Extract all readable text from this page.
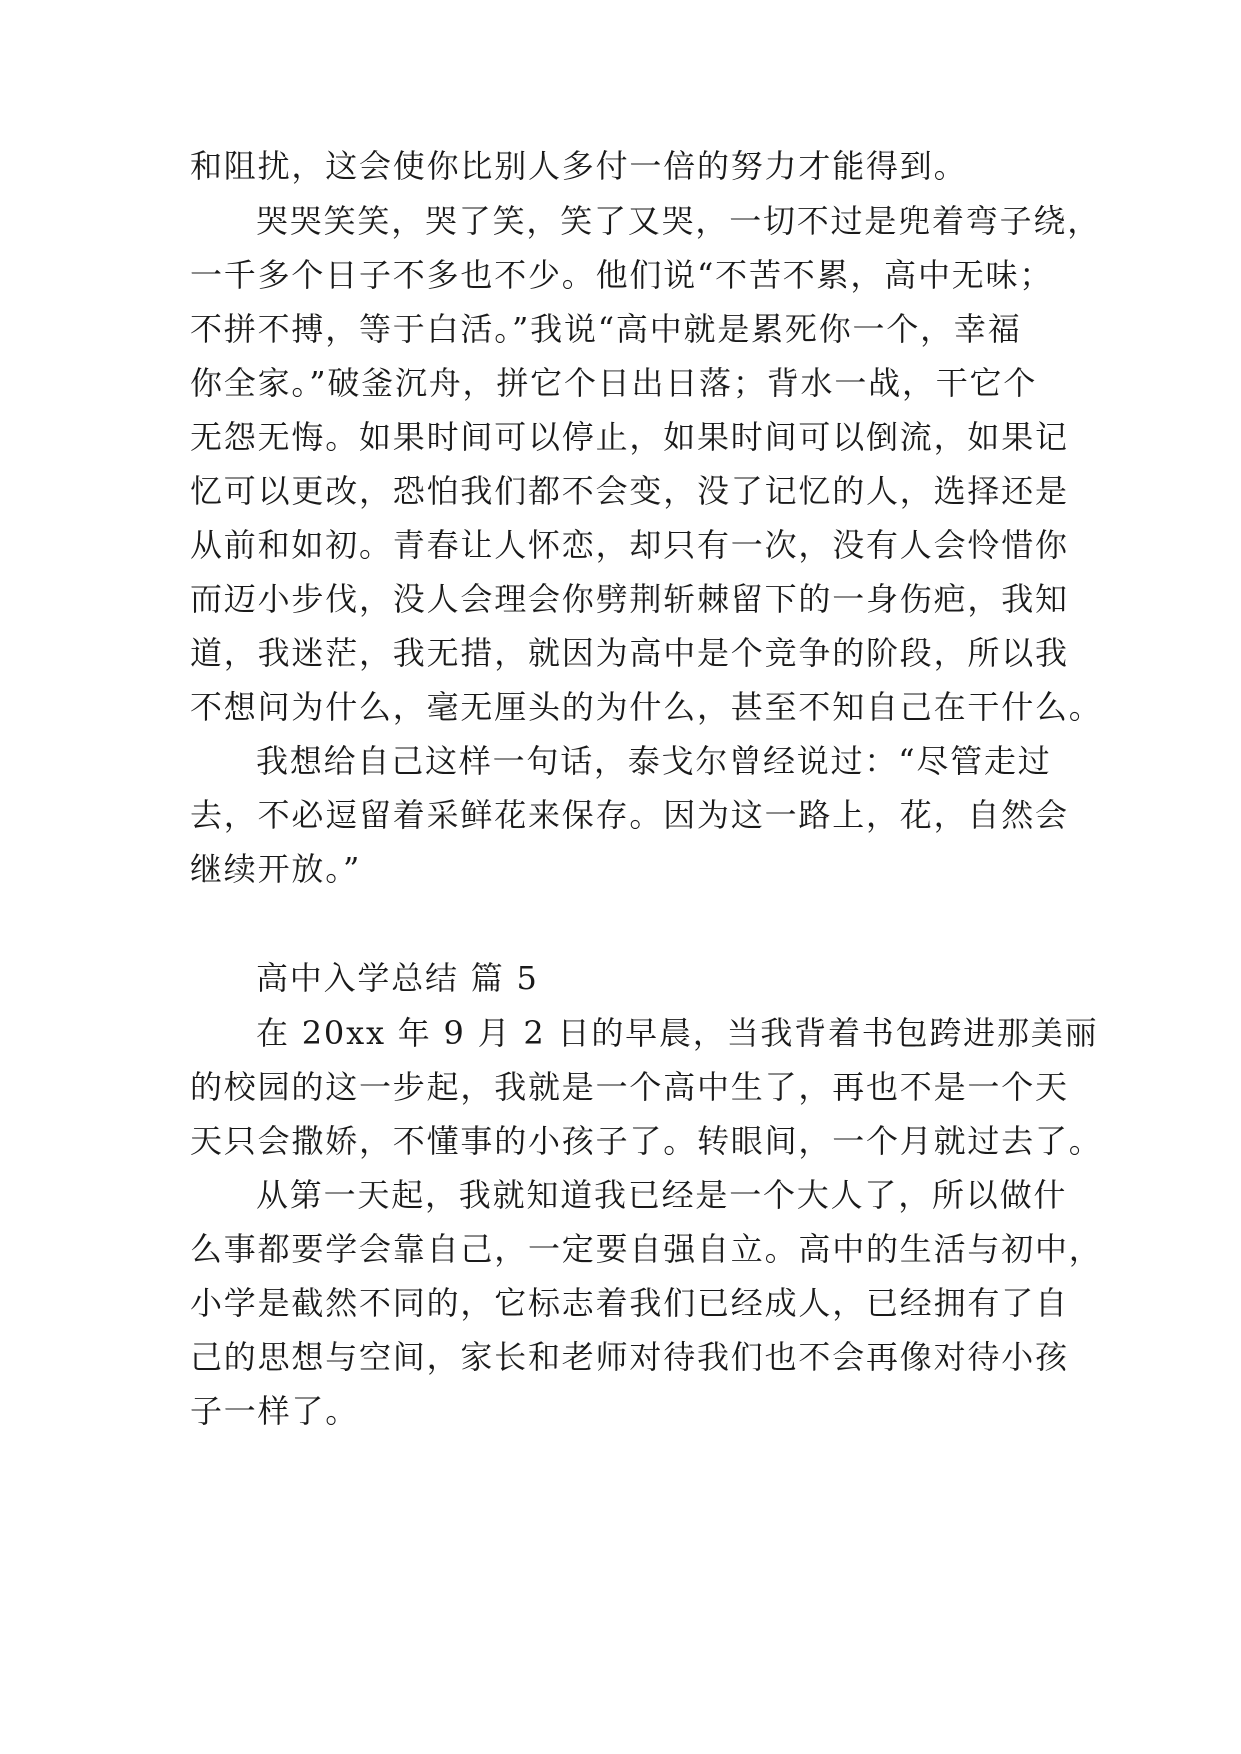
和阻扰，这会使你比别人多付一倍的努力才能得到。
哭哭笑笑，哭了笑，笑了又哭，一切不过是兜着弯子绕，
一千多个日子不多也不少。他们说“不苦不累，高中无味；
不拼不搏，等于白活。”我说“高中就是累死你一个，幸福
你全家。”破釜沉舟，拼它个日出日落；背水一战，干它个
无怨无悔。如果时间可以停止，如果时间可以倒流，如果记
忆可以更改，恐怕我们都不会变，没了记忆的人，选择还是
从前和如初。青春让人怀恋，却只有一次，没有人会怜惜你
而迈小步伐，没人会理会你劈荆斩棘留下的一身伤疤，我知
道，我迷茫，我无措，就因为高中是个竞争的阶段，所以我
不想问为什么，毫无厘头的为什么，甚至不知自己在干什么。
我想给自己这样一句话，泰戈尔曾经说过：“尽管走过
去，不必逗留着采鲜花来保存。因为这一路上，花，自然会
继续开放。”
高中入学总结 篇 5
在 20xx 年 9 月 2 日的早晨，当我背着书包跨进那美丽
的校园的这一步起，我就是一个高中生了，再也不是一个天
天只会撒娇，不懂事的小孩子了。转眼间，一个月就过去了。
从第一天起，我就知道我已经是一个大人了，所以做什
么事都要学会靠自己，一定要自强自立。高中的生活与初中，
小学是截然不同的，它标志着我们已经成人，已经拥有了自
己的思想与空间，家长和老师对待我们也不会再像对待小孩
子一样了。
